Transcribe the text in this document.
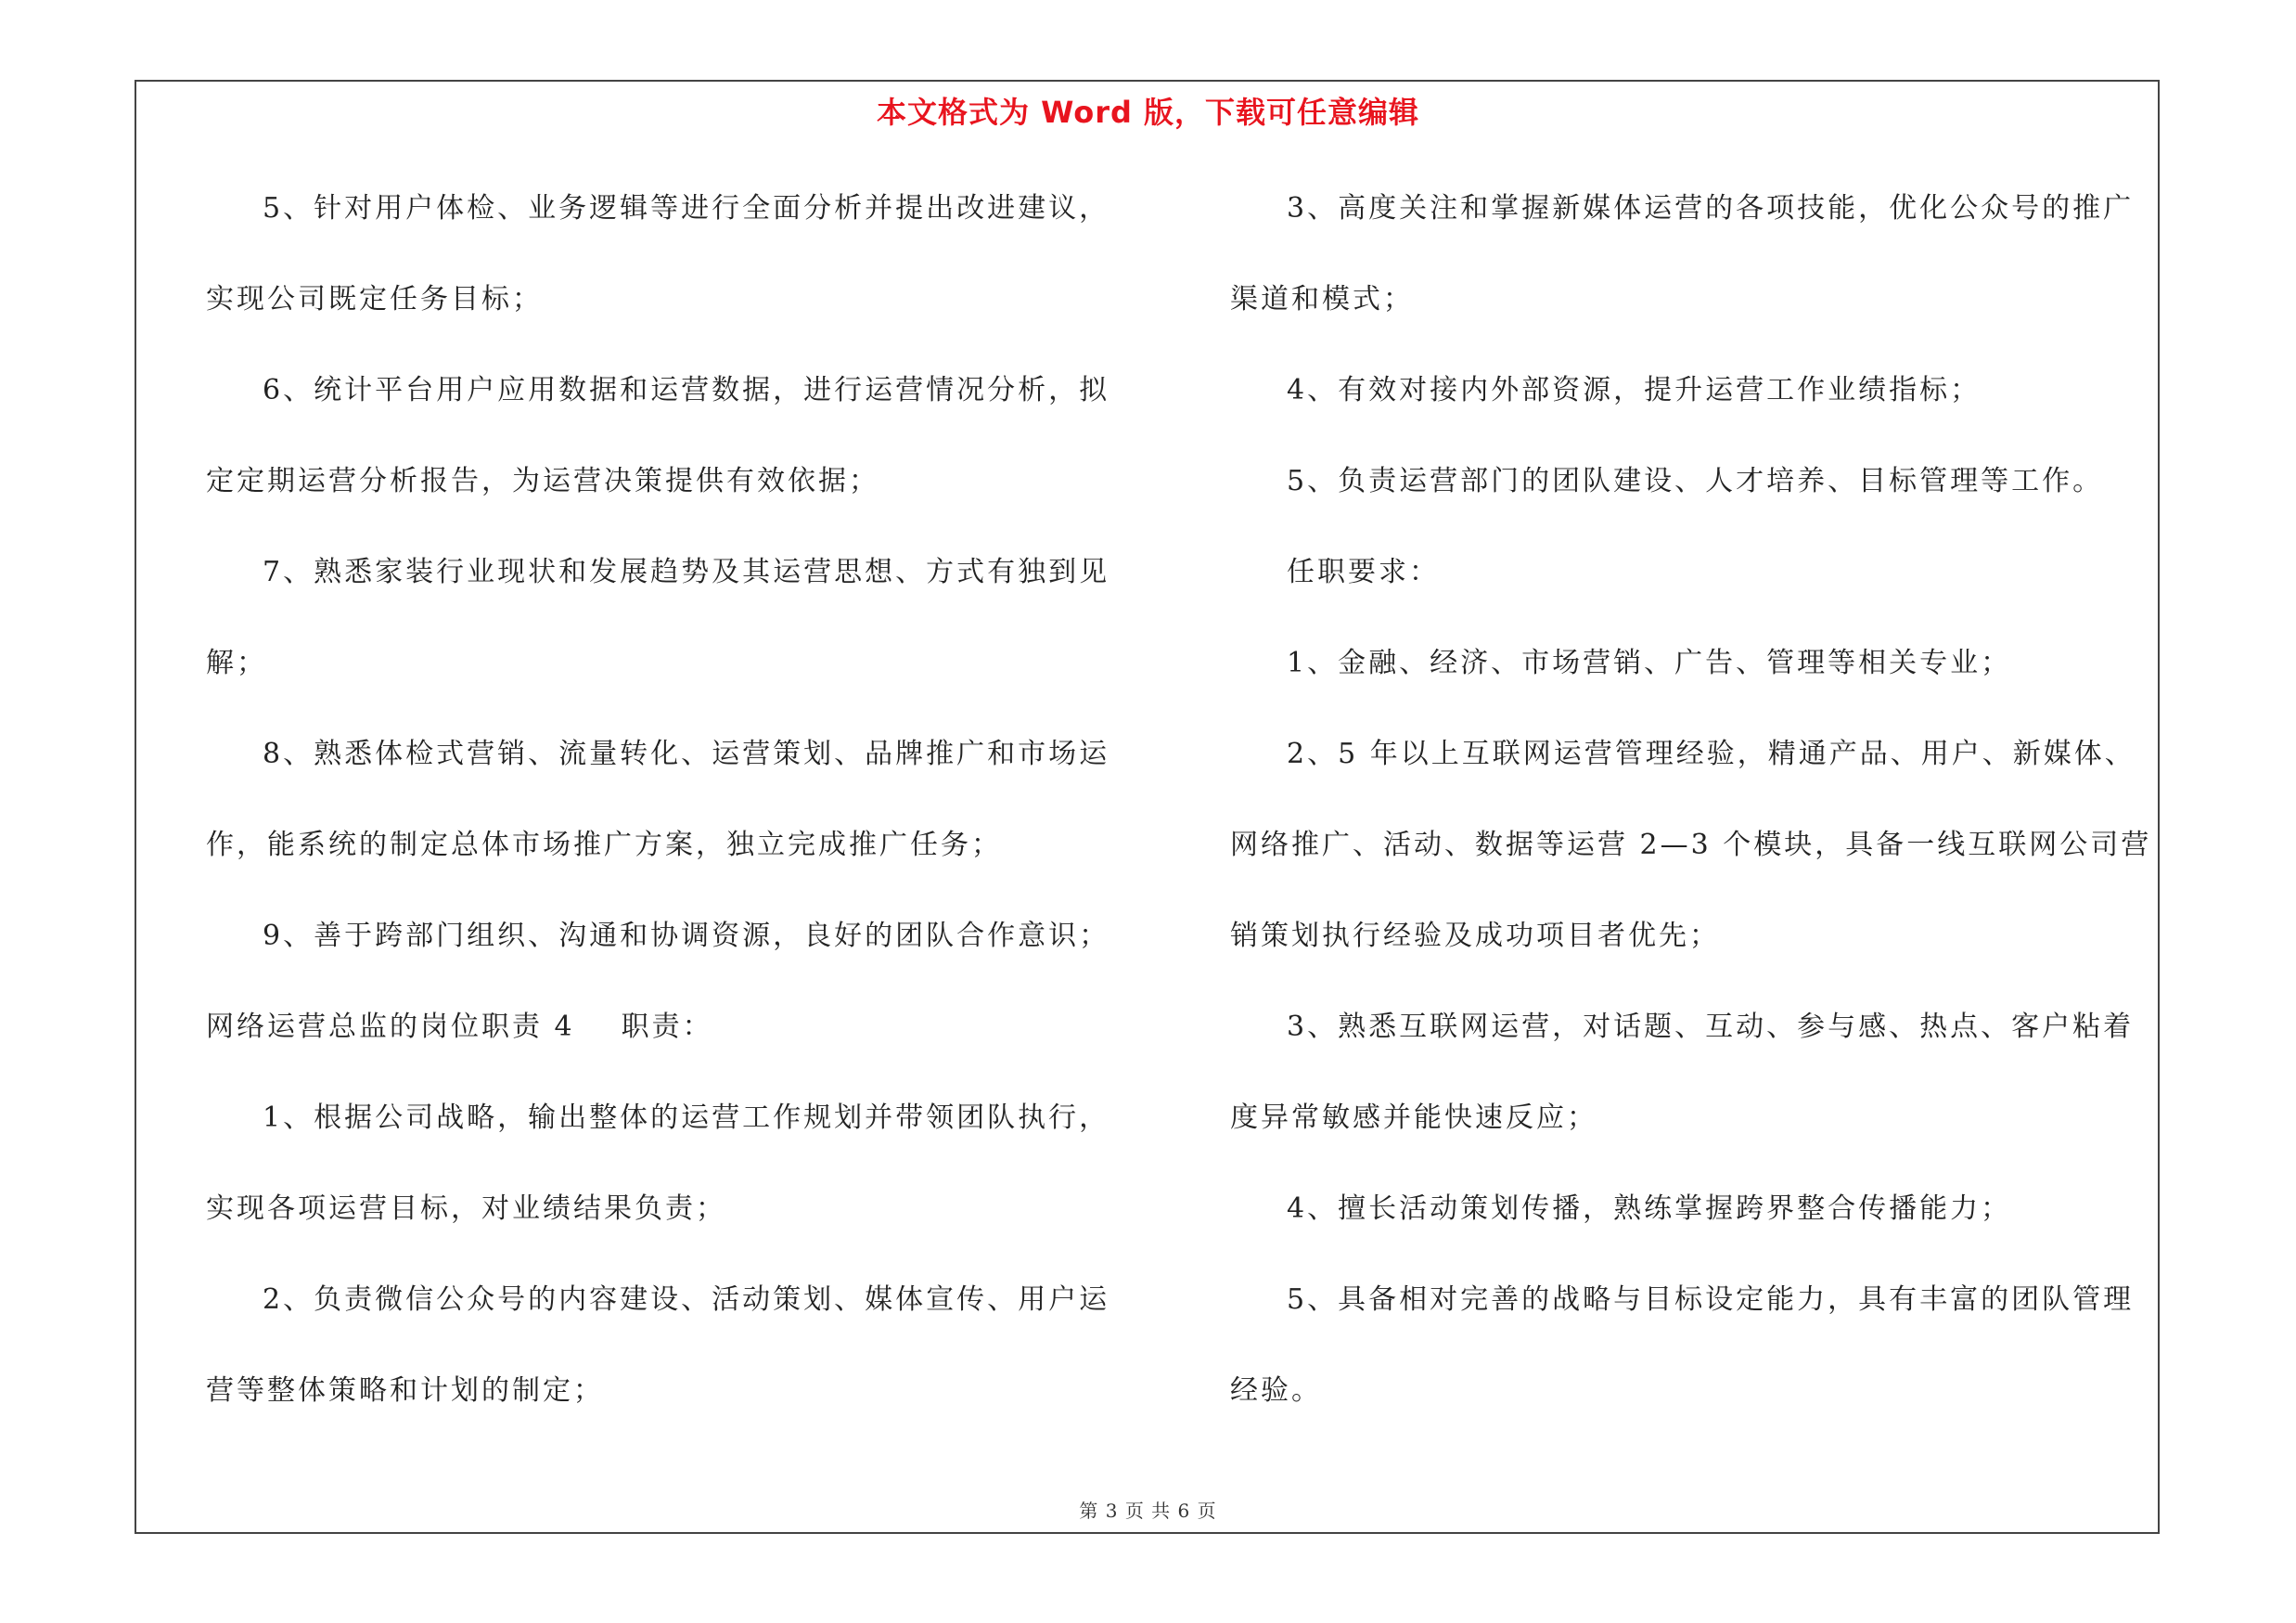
本文格式为 Word 版，下载可任意编辑
5、针对用户体检、业务逻辑等进行全面分析并提出改进建议，
实现公司既定任务目标；
6、统计平台用户应用数据和运营数据，进行运营情况分析，拟
定定期运营分析报告，为运营决策提供有效依据；
7、熟悉家装行业现状和发展趋势及其运营思想、方式有独到见
解；
8、熟悉体检式营销、流量转化、运营策划、品牌推广和市场运
作，能系统的制定总体市场推广方案，独立完成推广任务；
9、善于跨部门组织、沟通和协调资源，良好的团队合作意识；
网络运营总监的岗位职责 4 职责：
1、根据公司战略，输出整体的运营工作规划并带领团队执行，
实现各项运营目标，对业绩结果负责；
2、负责微信公众号的内容建设、活动策划、媒体宣传、用户运
营等整体策略和计划的制定；
3、高度关注和掌握新媒体运营的各项技能，优化公众号的推广
渠道和模式；
4、有效对接内外部资源，提升运营工作业绩指标；
5、负责运营部门的团队建设、人才培养、目标管理等工作。
任职要求：
1、金融、经济、市场营销、广告、管理等相关专业；
2、5 年以上互联网运营管理经验，精通产品、用户、新媒体、
网络推广、活动、数据等运营 2—3 个模块，具备一线互联网公司营
销策划执行经验及成功项目者优先；
3、熟悉互联网运营，对话题、互动、参与感、热点、客户粘着
度异常敏感并能快速反应；
4、擅长活动策划传播，熟练掌握跨界整合传播能力；
5、具备相对完善的战略与目标设定能力，具有丰富的团队管理
经验。
第 3 页 共 6 页
